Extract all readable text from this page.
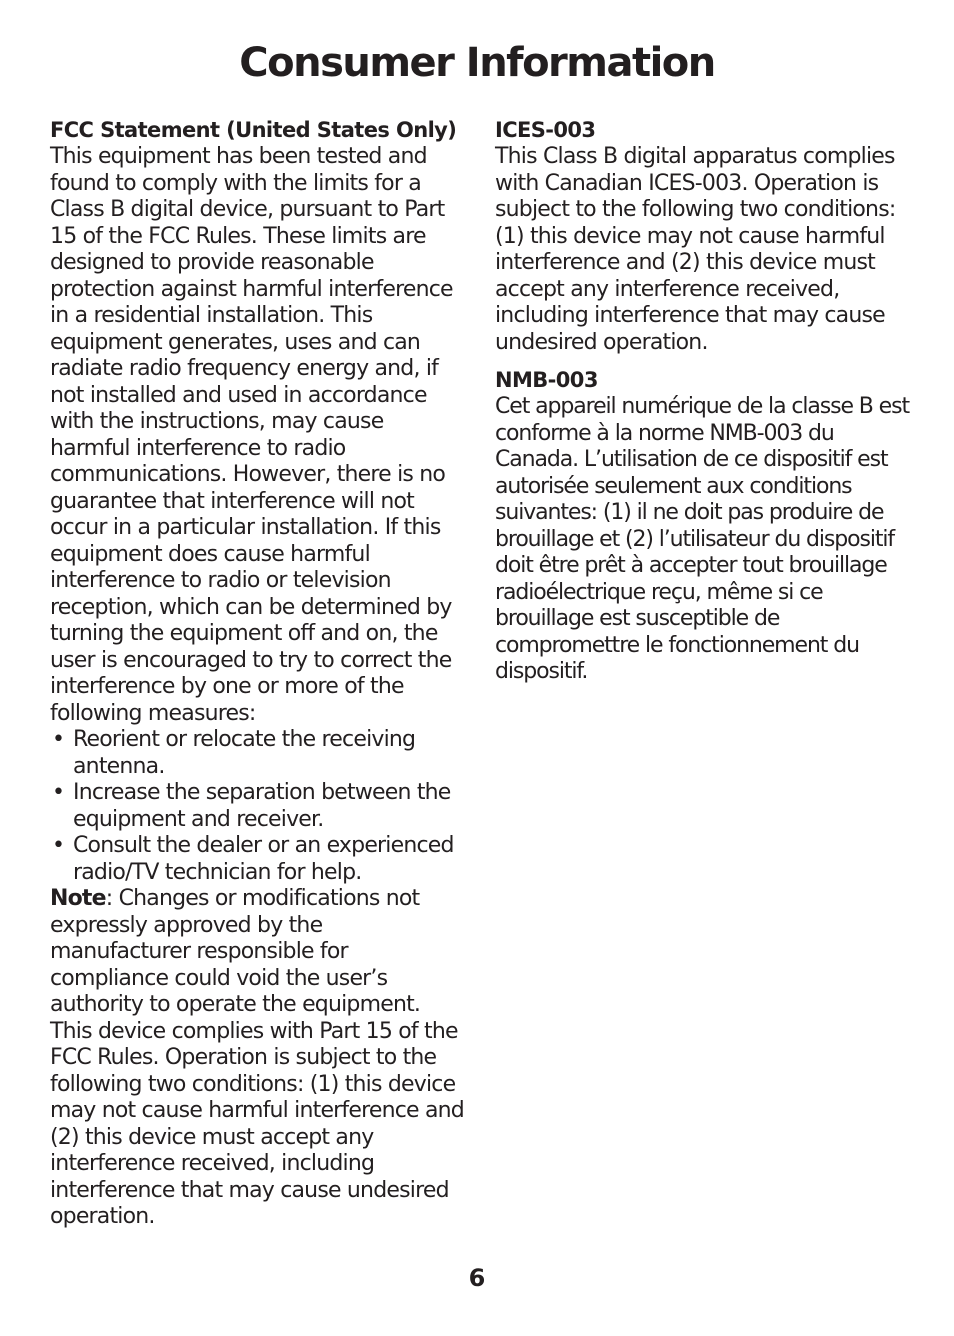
Consumer Information

FCC Statement (United States Only)

This equipment has been tested and found to comply with the limits for a Class B digital device, pursuant to Part 15 of the FCC Rules. These limits are designed to provide reasonable protection against harmful interference in a residential installation. This equipment generates, uses and can radiate radio frequency energy and, if not installed and used in accordance with the instructions, may cause harmful interference to radio communications. However, there is no guarantee that interference will not occur in a particular installation. If this equipment does cause harmful interference to radio or television reception, which can be determined by turning the equipment off and on, the user is encouraged to try to correct the interference by one or more of the following measures:

• Reorient or relocate the receiving antenna.
• Increase the separation between the equipment and receiver.
• Consult the dealer or an experienced radio/TV technician for help.

Note: Changes or modifications not expressly approved by the manufacturer responsible for compliance could void the user’s authority to operate the equipment. This device complies with Part 15 of the FCC Rules. Operation is subject to the following two conditions: (1) this device may not cause harmful interference and (2) this device must accept any interference received, including interference that may cause undesired operation.

ICES-003

This Class B digital apparatus complies with Canadian ICES-003. Operation is subject to the following two conditions: (1) this device may not cause harmful interference and (2) this device must accept any interference received, including interference that may cause undesired operation.

NMB-003

Cet appareil numérique de la classe B est conforme à la norme NMB-003 du Canada. L’utilisation de ce dispositif est autorisée seulement aux conditions suivantes: (1) il ne doit pas produire de brouillage et (2) l’utilisateur du dispositif doit être prêt à accepter tout brouillage radioélectrique reçu, même si ce brouillage est susceptible de compromettre le fonctionnement du dispositif.

6
